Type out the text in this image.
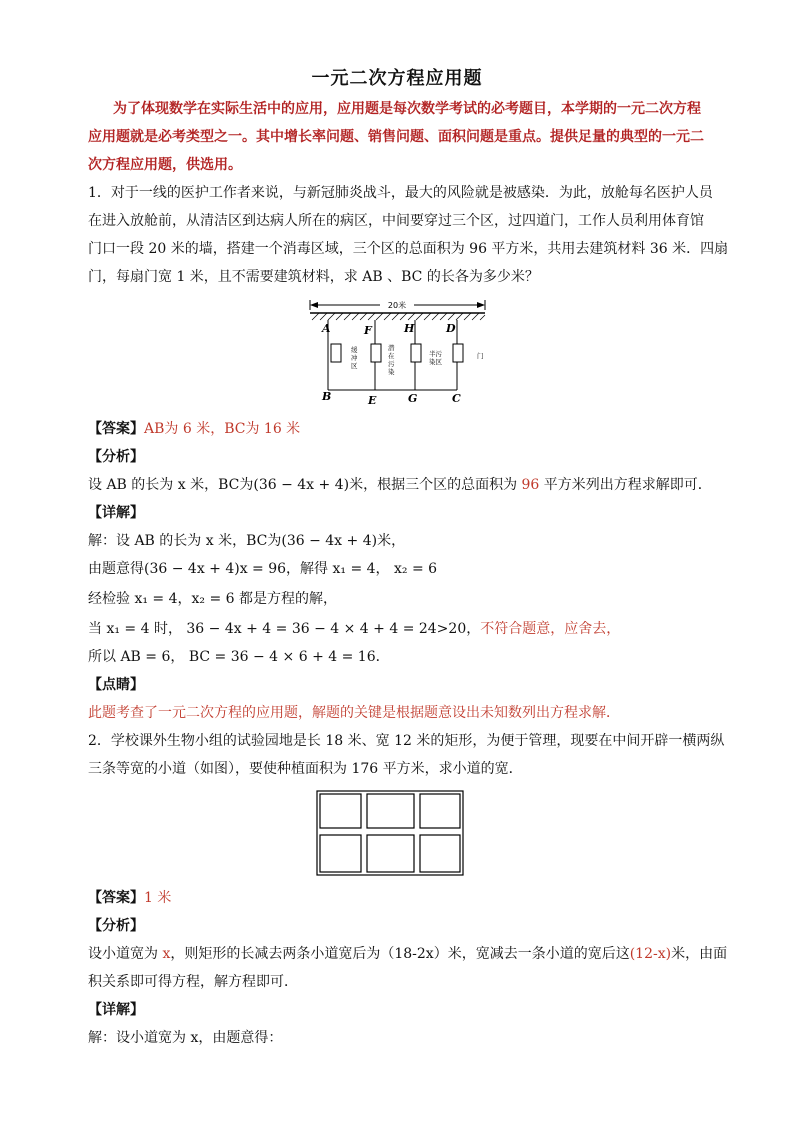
一元二次方程应用题
为了体现数学在实际生活中的应用，应用题是每次数学考试的必考题目，本学期的一元二次方程
应用题就是必考类型之一。其中增长率问题、销售问题、面积问题是重点。提供足量的典型的一元二
次方程应用题，供选用。
1．对于一线的医护工作者来说，与新冠肺炎战斗，最大的风险就是被感染．为此，放舱每名医护人员
在进入放舱前，从清洁区到达病人所在的病区，中间要穿过三个区，过四道门，工作人员利用体育馆
门口一段 20 米的墙，搭建一个消毒区域，三个区的总面积为 96 平方米，共用去建筑材料 36 米．四扇
门，每扇门宽 1 米，且不需要建筑材料，求 AB 、BC 的长各为多少米？
20米
A	F	H	D
B	E	G	C
缓
冲
区
潜
在
污
染
半污
染区
门
【答案】AB为 6 米，BC为 16 米
【分析】
设 AB 的长为 x 米，BC为(36 − 4x + 4)米，根据三个区的总面积为 96 平方米列出方程求解即可．
【详解】
解：设 AB 的长为 x 米，BC为(36 − 4x + 4)米，
由题意得(36 − 4x + 4)x = 96，解得 x₁ = 4， x₂ = 6
经检验 x₁ = 4，x₂ = 6 都是方程的解，
当 x₁ = 4 时， 36 − 4x + 4 = 36 − 4 × 4 + 4 = 24>20，不符合题意，应舍去，
所以 AB = 6， BC = 36 − 4 × 6 + 4 = 16．
【点睛】
此题考查了一元二次方程的应用题，解题的关键是根据题意设出未知数列出方程求解．
2．学校课外生物小组的试验园地是长 18 米、宽 12 米的矩形，为便于管理，现要在中间开辟一横两纵
三条等宽的小道（如图），要使种植面积为 176 平方米，求小道的宽．
【答案】1 米
【分析】
设小道宽为 x，则矩形的长减去两条小道宽后为（18-2x）米，宽减去一条小道的宽后这(12-x)米，由面
积关系即可得方程，解方程即可．
【详解】
解：设小道宽为 x，由题意得：
